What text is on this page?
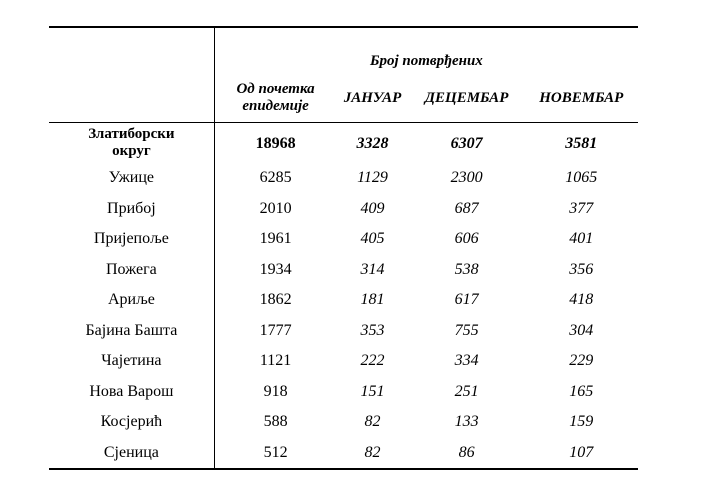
	Број потврђених			
	Од почетка епидемије	ЈАНУАР	ДЕЦЕМБАР	НОВЕМБАР
Златиборски округ	18968	3328	6307	3581
Ужице	6285	1129	2300	1065
Прибој	2010	409	687	377
Пријепоље	1961	405	606	401
Пожега	1934	314	538	356
Ариље	1862	181	617	418
Бајина Башта	1777	353	755	304
Чајетина	1121	222	334	229
Нова Варош	918	151	251	165
Косјерић	588	82	133	159
Сјеница	512	82	86	107
